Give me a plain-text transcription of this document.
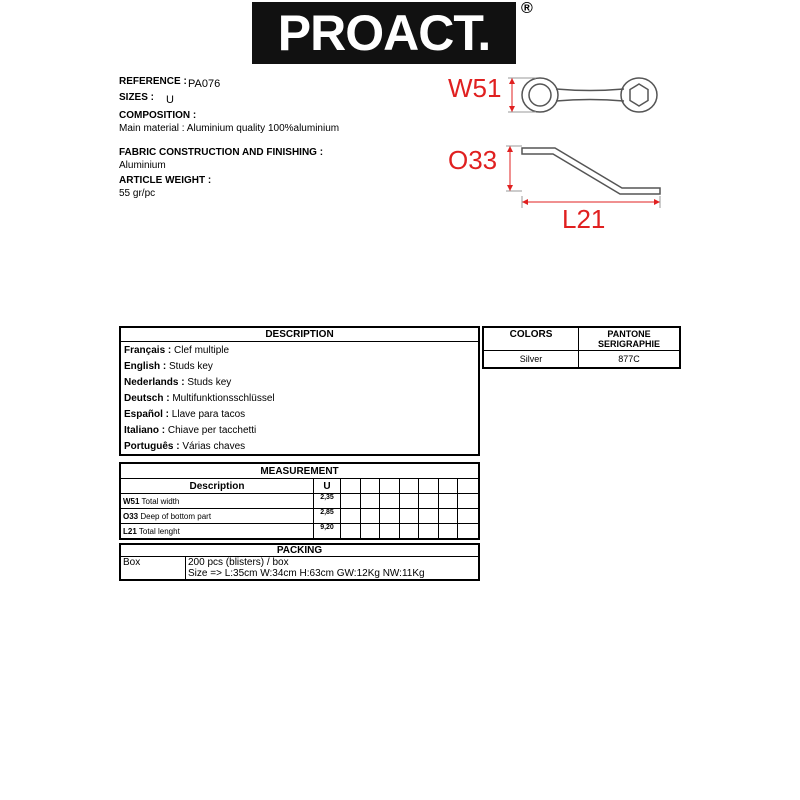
PROACT. ®
REFERENCE : PA076
SIZES : U
COMPOSITION :
Main material : Aluminium quality 100%aluminium
FABRIC CONSTRUCTION AND FINISHING :
Aluminium
ARTICLE WEIGHT :
55 gr/pc
W51
O33
L21
DESCRIPTION
Français : Clef multiple
English : Studs key
Nederlands : Studs key
Deutsch : Multifunktionsschlüssel
Español : Llave para tacos
Italiano : Chiave per tacchetti
Português : Várias chaves
COLORS	PANTONE
SERIGRAPHIE
Silver	877C
MEASUREMENT								
Description	U							
W51 Total width	2,35							
O33 Deep of bottom part	2,85							
L21 Total lenght	9,20							
PACKING
Box	200 pcs (blisters) / box
Size => L:35cm W:34cm H:63cm GW:12Kg NW:11Kg
